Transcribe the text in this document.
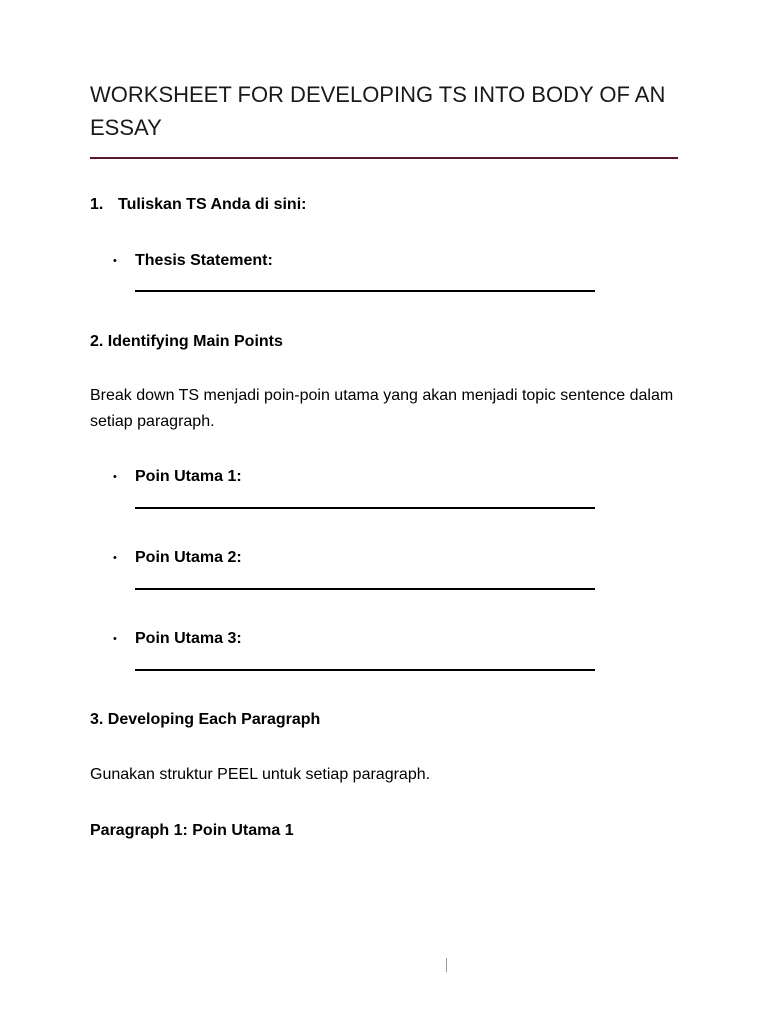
WORKSHEET FOR DEVELOPING TS INTO BODY OF AN ESSAY
1. Tuliskan TS Anda di sini:
• Thesis Statement:
2. Identifying Main Points
Break down TS menjadi poin-poin utama yang akan menjadi topic sentence dalam setiap paragraph.
• Poin Utama 1:
• Poin Utama 2:
• Poin Utama 3:
3. Developing Each Paragraph
Gunakan struktur PEEL untuk setiap paragraph.
Paragraph 1: Poin Utama 1
